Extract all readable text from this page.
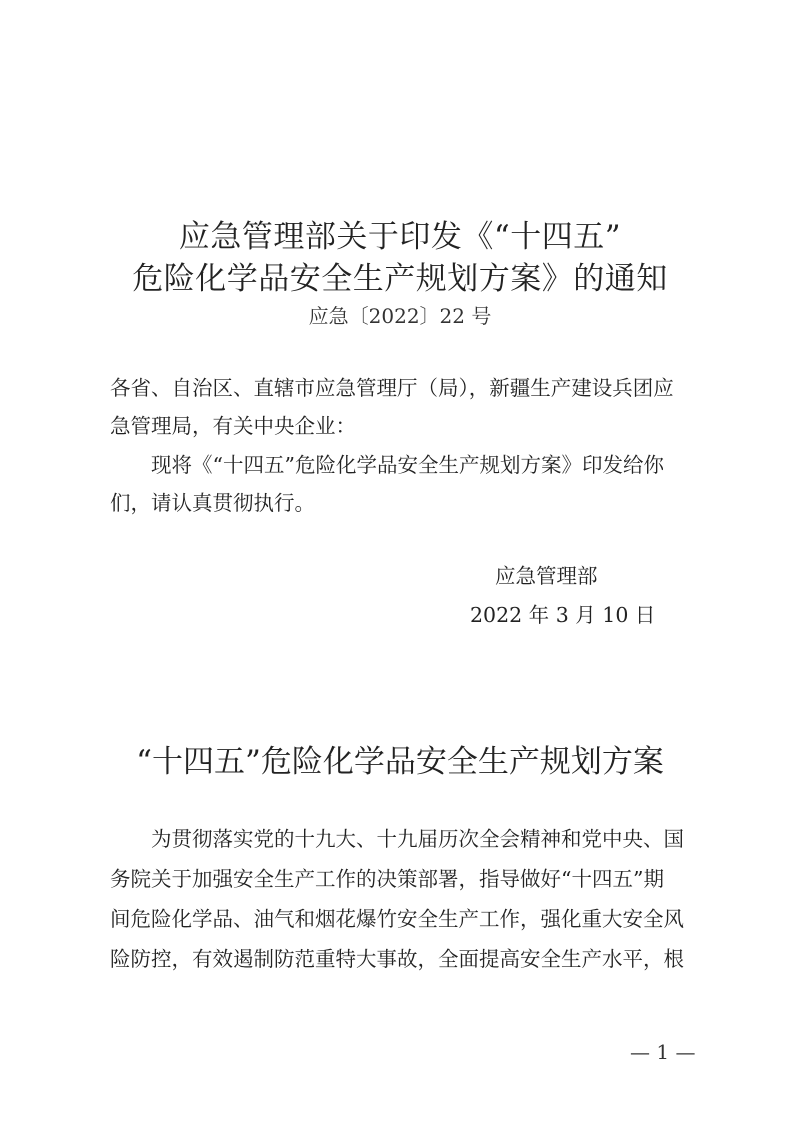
应急管理部关于印发《“十四五”
危险化学品安全生产规划方案》的通知
应急〔2022〕22 号
各省、自治区、直辖市应急管理厅（局），新疆生产建设兵团应
急管理局，有关中央企业：
现将《“十四五”危险化学品安全生产规划方案》印发给你
们，请认真贯彻执行。
应急管理部
2022 年 3 月 10 日
“十四五”危险化学品安全生产规划方案
为贯彻落实党的十九大、十九届历次全会精神和党中央、国
务院关于加强安全生产工作的决策部署，指导做好“十四五”期
间危险化学品、油气和烟花爆竹安全生产工作，强化重大安全风
险防控，有效遏制防范重特大事故，全面提高安全生产水平，根
— 1 —
